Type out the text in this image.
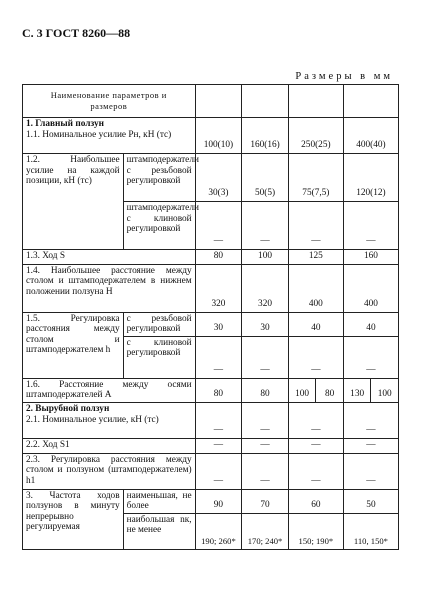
С. 3 ГОСТ 8260—88
Размеры в мм
Наименование параметров и размеров							

1. Главный ползун
1.1. Номинальное усилие Pн, кН (тс)		100(10)	160(16)	250(25)		400(40)	
1.2. Наибольшее усилие на каждой позиции, кН (тс)	штамподержатели с резьбовой регулировкой	30(3)	50(5)	75(7,5)		120(12)	
	штамподержатели с клиновой регулировкой	—	—	—		—	
1.3. Ход S		80	100	125		160	
1.4. Наибольшее расстояние между столом и штамподержателем в нижнем положении ползуна H		320	320	400		400	
1.5. Регулировка расстояния между столом и штамподержателем h	с резьбовой регулировкой	30	30	40		40	
	с клиновой регулировкой	—	—	—		—	
1.6. Расстояние между осями штамподержателей A		80	80	100	80	130	100

2. Вырубной ползун
2.1. Номинальное усилие, кН (тс)		—	—	—		—	
2.2. Ход S1		—	—	—		—	
2.3. Регулировка расстояния между столом и ползуном (штамподержателем) h1		—	—	—		—	
3. Частота ходов ползунов в минуту непрерывно регулируемая	наименьшая, не более	90	70	60		50	
	наибольшая nк, не менее	190; 260*	170; 240*	150; 190*		110, 150*	
